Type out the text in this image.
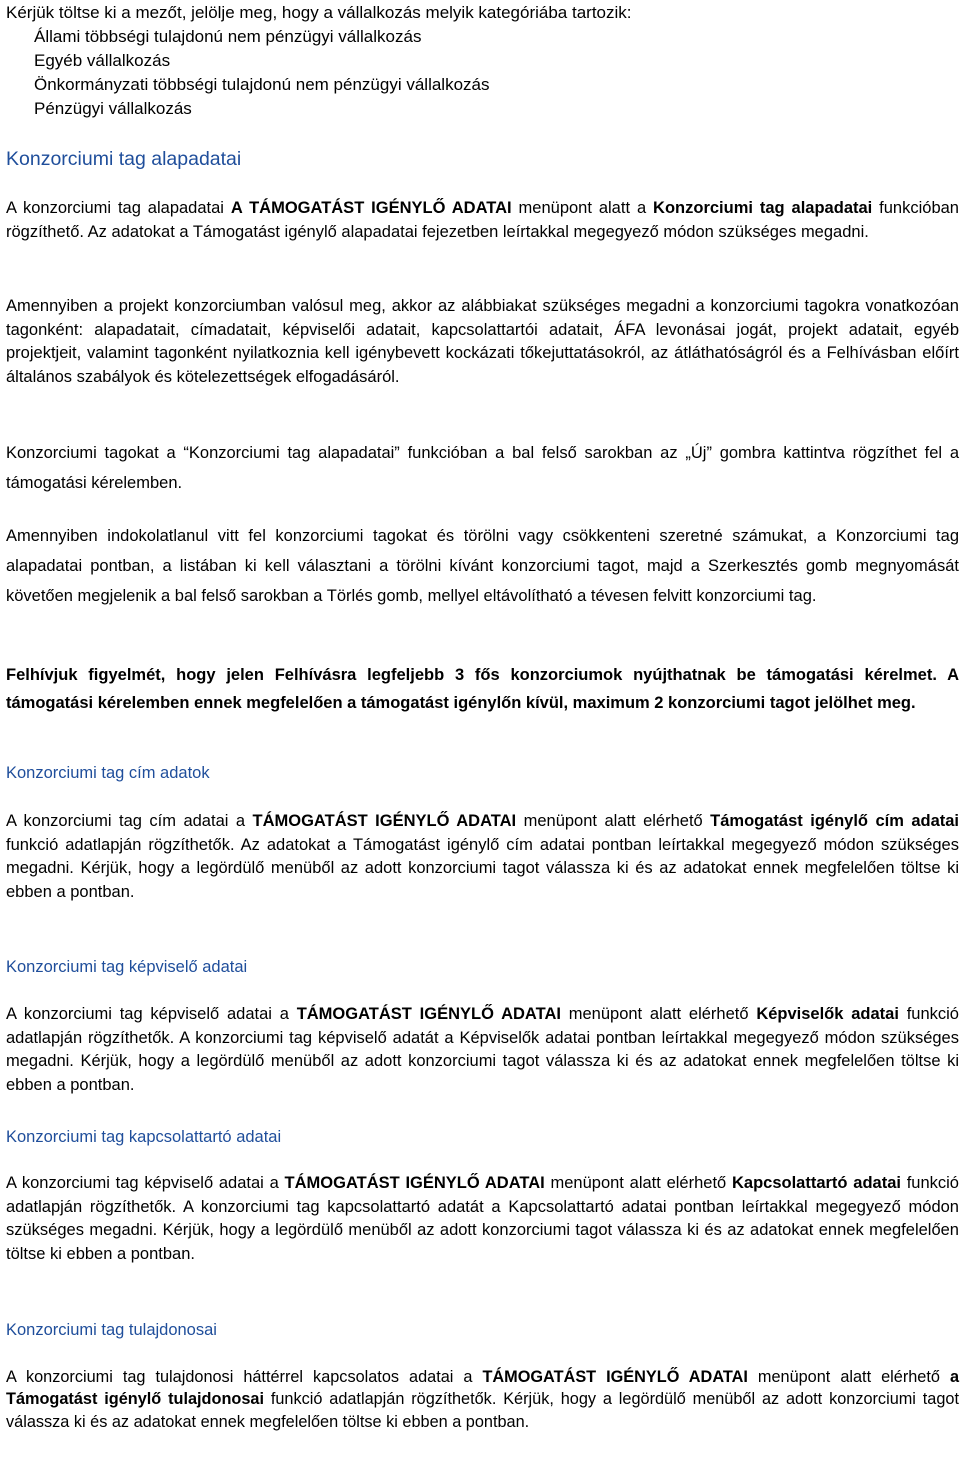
Kérjük töltse ki a mezőt, jelölje meg, hogy a vállalkozás melyik kategóriába tartozik:
Állami többségi tulajdonú nem pénzügyi vállalkozás
Egyéb vállalkozás
Önkormányzati többségi tulajdonú nem pénzügyi vállalkozás
Pénzügyi vállalkozás
Konzorciumi tag alapadatai

A konzorciumi tag alapadatai A TÁMOGATÁST IGÉNYLŐ ADATAI menüpont alatt a Konzorciumi tag alapadatai funkcióban rögzíthető. Az adatokat a Támogatást igénylő alapadatai fejezetben leírtakkal megegyező módon szükséges megadni.

Amennyiben a projekt konzorciumban valósul meg, akkor az alábbiakat szükséges megadni a konzorciumi tagokra vonatkozóan tagonként: alapadatait, címadatait, képviselői adatait, kapcsolattartói adatait, ÁFA levonásai jogát, projekt adatait, egyéb projektjeit, valamint tagonként nyilatkoznia kell igénybevett kockázati tőkejuttatásokról, az átláthatóságról és a Felhívásban előírt általános szabályok és kötelezettségek elfogadásáról.

Konzorciumi tagokat a “Konzorciumi tag alapadatai” funkcióban a bal felső sarokban az „Új” gombra kattintva rögzíthet fel a támogatási kérelemben.

Amennyiben indokolatlanul vitt fel konzorciumi tagokat és törölni vagy csökkenteni szeretné számukat, a Konzorciumi tag alapadatai pontban, a listában ki kell választani a törölni kívánt konzorciumi tagot, majd a Szerkesztés gomb megnyomását követően megjelenik a bal felső sarokban a Törlés gomb, mellyel eltávolítható a tévesen felvitt konzorciumi tag.

Felhívjuk figyelmét, hogy jelen Felhívásra legfeljebb 3 fős konzorciumok nyújthatnak be támogatási kérelmet. A támogatási kérelemben ennek megfelelően a támogatást igénylőn kívül, maximum 2 konzorciumi tagot jelölhet meg.

Konzorciumi tag cím adatok

A konzorciumi tag cím adatai a TÁMOGATÁST IGÉNYLŐ ADATAI menüpont alatt elérhető Támogatást igénylő cím adatai funkció adatlapján rögzíthetők. Az adatokat a Támogatást igénylő cím adatai pontban leírtakkal megegyező módon szükséges megadni. Kérjük, hogy a legördülő menüből az adott konzorciumi tagot válassza ki és az adatokat ennek megfelelően töltse ki ebben a pontban.

Konzorciumi tag képviselő adatai

A konzorciumi tag képviselő adatai a TÁMOGATÁST IGÉNYLŐ ADATAI menüpont alatt elérhető Képviselők adatai funkció adatlapján rögzíthetők. A konzorciumi tag képviselő adatát a Képviselők adatai pontban leírtakkal megegyező módon szükséges megadni. Kérjük, hogy a legördülő menüből az adott konzorciumi tagot válassza ki és az adatokat ennek megfelelően töltse ki ebben a pontban.

Konzorciumi tag kapcsolattartó adatai

A konzorciumi tag képviselő adatai a TÁMOGATÁST IGÉNYLŐ ADATAI menüpont alatt elérhető Kapcsolattartó adatai funkció adatlapján rögzíthetők. A konzorciumi tag kapcsolattartó adatát a Kapcsolattartó adatai pontban leírtakkal megegyező módon szükséges megadni. Kérjük, hogy a legördülő menüből az adott konzorciumi tagot válassza ki és az adatokat ennek megfelelően töltse ki ebben a pontban.

Konzorciumi tag tulajdonosai

A konzorciumi tag tulajdonosi háttérrel kapcsolatos adatai a TÁMOGATÁST IGÉNYLŐ ADATAI menüpont alatt elérhető a Támogatást igénylő tulajdonosai funkció adatlapján rögzíthetők. Kérjük, hogy a legördülő menüből az adott konzorciumi tagot válassza ki és az adatokat ennek megfelelően töltse ki ebben a pontban.
